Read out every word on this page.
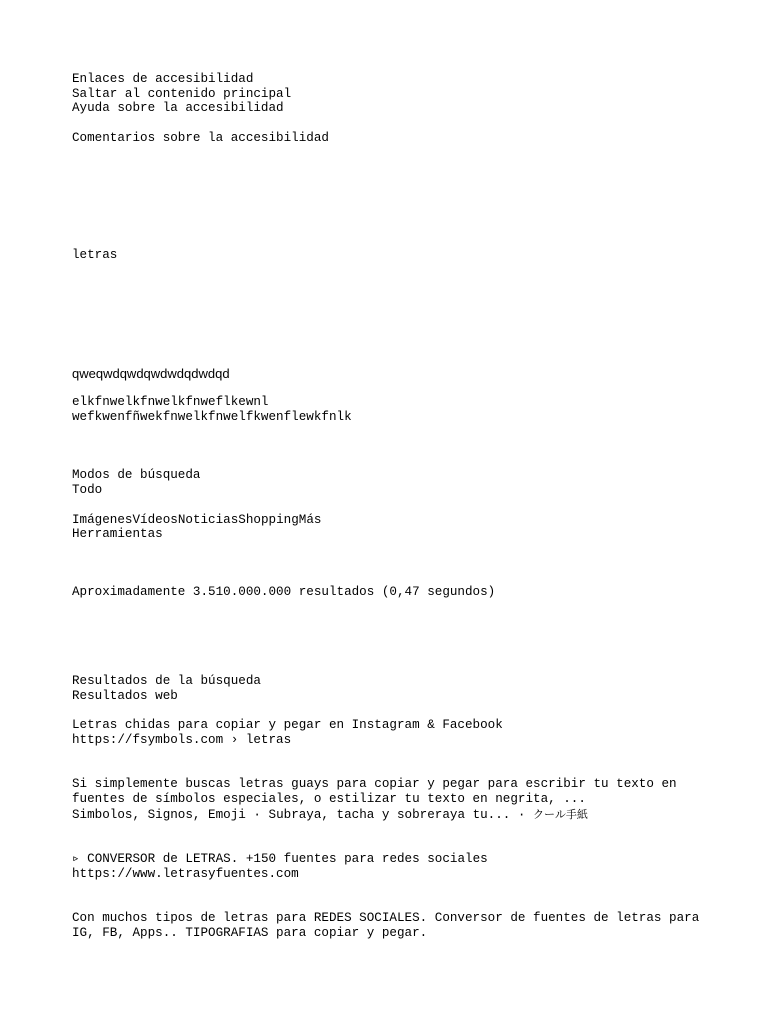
Enlaces de accesibilidad
Saltar al contenido principal
Ayuda sobre la accesibilidad
Comentarios sobre la accesibilidad
letras
qweqwdqwdqwdwdqdwdqd
elkfnwelkfnwelkfnweflkewnl
wefkwenfñwekfnwelkfnwelfkwenflewkfnlk
Modos de búsqueda
Todo
ImágenesVídeosNoticiasShoppingMás
Herramientas
Aproximadamente 3.510.000.000 resultados (0,47 segundos)
Resultados de la búsqueda
Resultados web
Letras chidas para copiar y pegar en Instagram & Facebook
https://fsymbols.com › letras
Si simplemente buscas letras guays para copiar y pegar para escribir tu texto en
fuentes de símbolos especiales, o estilizar tu texto en negrita, ...
Simbolos, Signos, Emoji · Subraya, tacha y sobreraya tu... · クール手紙
▹ CONVERSOR de LETRAS. +150 fuentes para redes sociales
https://www.letrasyfuentes.com
Con muchos tipos de letras para REDES SOCIALES. Conversor de fuentes de letras para
IG, FB, Apps.. TIPOGRAFIAS para copiar y pegar.
